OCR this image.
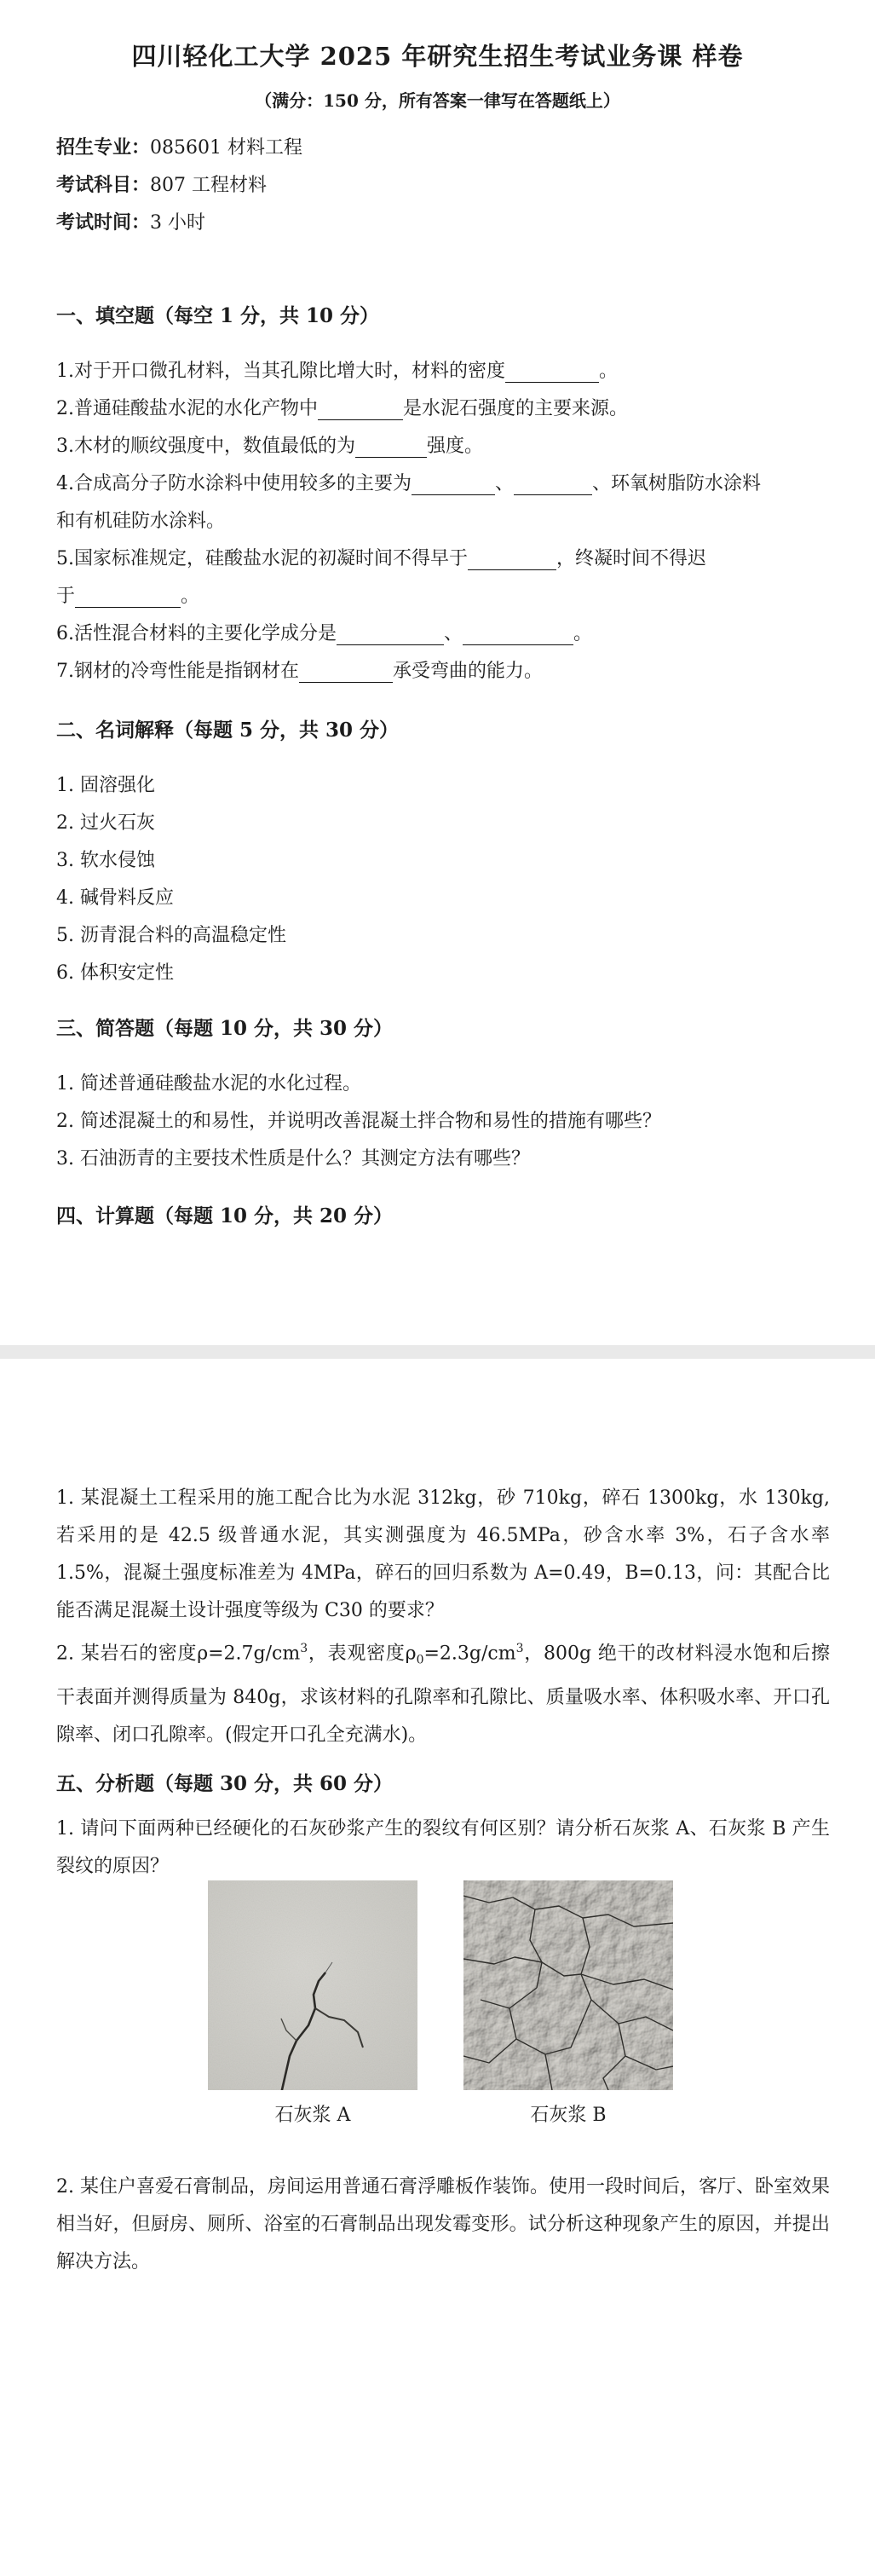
四川轻化工大学 2025 年研究生招生考试业务课 样卷
（满分：150 分，所有答案一律写在答题纸上）
招生专业：085601 材料工程
考试科目：807 工程材料
考试时间：3 小时
一、填空题（每空 1 分，共 10 分）
1.对于开口微孔材料，当其孔隙比增大时，材料的密度	。
2.普通硅酸盐水泥的水化产物中	是水泥石强度的主要来源。
3.木材的顺纹强度中，数值最低的为	强度。
4.合成高分子防水涂料中使用较多的主要为	、	、环氧树脂防水涂料
和有机硅防水涂料。
5.国家标准规定，硅酸盐水泥的初凝时间不得早于	，终凝时间不得迟
于	。
6.活性混合材料的主要化学成分是	、	。
7.钢材的冷弯性能是指钢材在	承受弯曲的能力。
二、名词解释（每题 5 分，共 30 分）
1. 固溶强化
2. 过火石灰
3. 软水侵蚀
4. 碱骨料反应
5. 沥青混合料的高温稳定性
6. 体积安定性
三、简答题（每题 10 分，共 30 分）
1. 简述普通硅酸盐水泥的水化过程。
2. 简述混凝土的和易性，并说明改善混凝土拌合物和易性的措施有哪些？
3. 石油沥青的主要技术性质是什么？其测定方法有哪些？
四、计算题（每题 10 分，共 20 分）
1. 某混凝土工程采用的施工配合比为水泥 312kg，砂 710kg，碎石 1300kg，水 130kg, 若采用的是 42.5 级普通水泥，其实测强度为 46.5MPa，砂含水率 3%，石子含水率 1.5%，混凝土强度标准差为 4MPa，碎石的回归系数为 A=0.49，B=0.13，问：其配合比能否满足混凝土设计强度等级为 C30 的要求？
2. 某岩石的密度$\rho=2.7g/cm^3$，表观密度$\rho_0=2.3g/cm^3$，800g 绝干的改材料浸水饱和后擦干表面并测得质量为 840g，求该材料的孔隙率和孔隙比、质量吸水率、体积吸水率、开口孔隙率、闭口孔隙率。(假定开口孔全充满水)。
五、分析题（每题 30 分，共 60 分）
1. 请问下面两种已经硬化的石灰砂浆产生的裂纹有何区别？请分析石灰浆 A、石灰浆 B 产生裂纹的原因？
石灰浆 A	石灰浆 B
2. 某住户喜爱石膏制品，房间运用普通石膏浮雕板作装饰。使用一段时间后，客厅、卧室效果相当好，但厨房、厕所、浴室的石膏制品出现发霉变形。试分析这种现象产生的原因，并提出解决方法。
